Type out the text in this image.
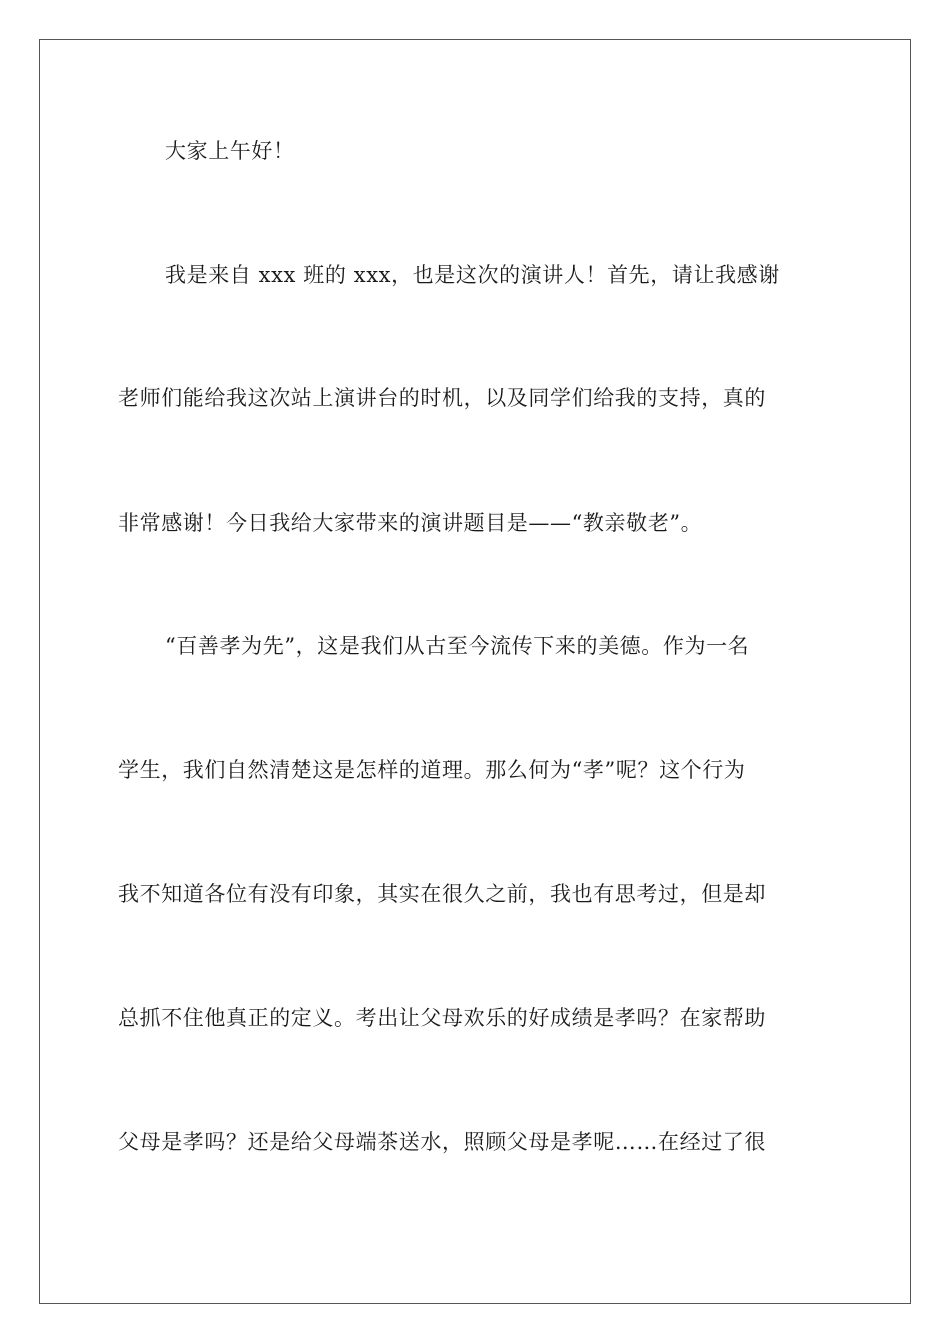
大家上午好！
我是来自 xxx 班的 xxx，也是这次的演讲人！首先，请让我感谢
老师们能给我这次站上演讲台的时机，以及同学们给我的支持，真的
非常感谢！今日我给大家带来的演讲题目是——“教亲敬老”。
“百善孝为先”，这是我们从古至今流传下来的美德。作为一名
学生，我们自然清楚这是怎样的道理。那么何为“孝”呢？这个行为
我不知道各位有没有印象，其实在很久之前，我也有思考过，但是却
总抓不住他真正的定义。考出让父母欢乐的好成绩是孝吗？在家帮助
父母是孝吗？还是给父母端茶送水，照顾父母是孝呢……在经过了很
